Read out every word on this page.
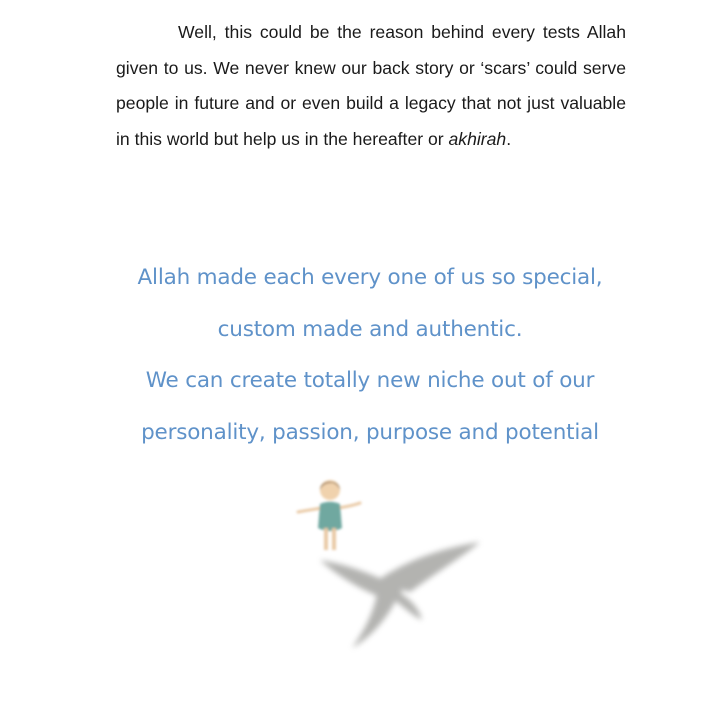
Well, this could be the reason behind every tests Allah given to us. We never knew our back story or ‘scars’ could serve people in future and or even build a legacy that not just valuable in this world but help us in the hereafter or akhirah.

Allah made each every one of us so special,
custom made and authentic.
We can create totally new niche out of our
personality, passion, purpose and potential
